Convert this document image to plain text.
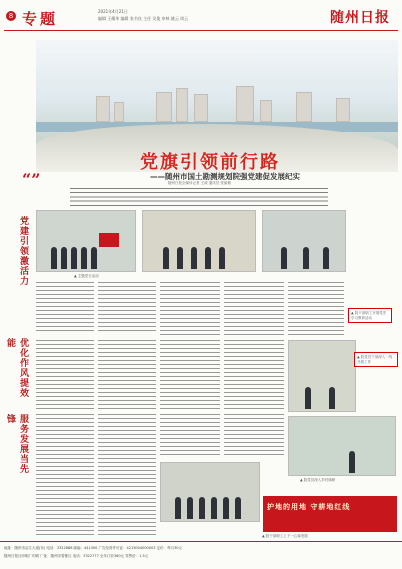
8 专题	2021年4月21日
编辑 王耀华 编辑 张书良 主任 吴俊 审核 姚云 周云	随州日报
“”
党旗引领前行路
——随州市国土勘测规划院强党建促发展纪实
随州日报全媒体记者 王淑 通讯员 张丽楠
党建引领激活力
优化作风提效能
服务发展当先锋
▲ 主题党日活动
▲ 院干部职工开展党史学习教育活动
▲ 院党员干部深入一线开展工作
▲ 院党员深入乡村调研
护地的用地 守耕地红线
▲ 院干部职工上下一心谋发展
地址：随州市沿江大道(东) 电话：3322888 邮编：441300 广告经营许可证：4213004000003 定价：每月30元
随州日报社印刷厂印刷 厂址：随州市曾都区 电话：3322777 全年订价360元 零售价：1.5元
